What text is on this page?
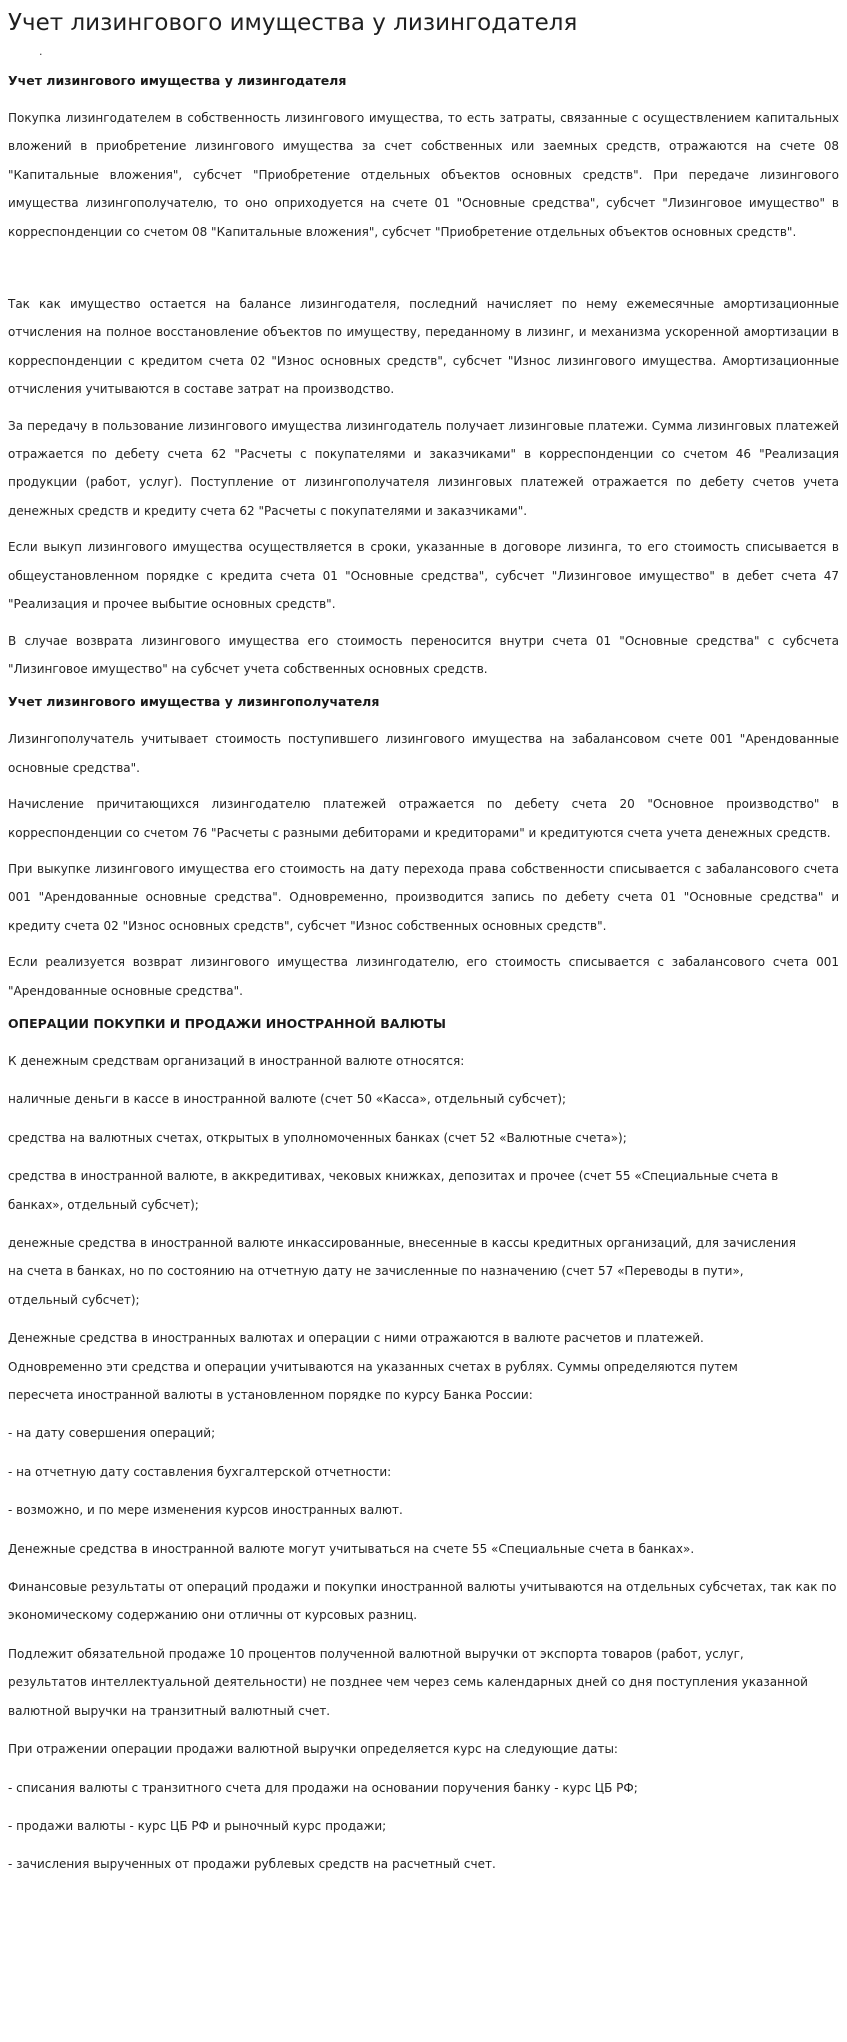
Учет лизингового имущества у лизингодателя
.
Учет лизингового имущества у лизингодателя

Покупка лизингодателем в собственность лизингового имущества, то есть затраты, связанные с осуществлением капитальных вложений в приобретение лизингового имущества за счет собственных или заемных средств, отражаются на счете 08 "Капитальные вложения", субсчет "Приобретение отдельных объектов основных средств". При передаче лизингового имущества лизингополучателю, то оно оприходуется на счете 01 "Основные средства", субсчет "Лизинговое имущество" в корреспонденции со счетом 08 "Капитальные вложения", субсчет "Приобретение отдельных объектов основных средств".

Так как имущество остается на балансе лизингодателя, последний начисляет по нему ежемесячные амортизационные отчисления на полное восстановление объектов по имуществу, переданному в лизинг, и механизма ускоренной амортизации в корреспонденции с кредитом счета 02 "Износ основных средств", субсчет "Износ лизингового имущества. Амортизационные отчисления учитываются в составе затрат на производство.

За передачу в пользование лизингового имущества лизингодатель получает лизинговые платежи. Сумма лизинговых платежей отражается по дебету счета 62 "Расчеты с покупателями и заказчиками" в корреспонденции со счетом 46 "Реализация продукции (работ, услуг). Поступление от лизингополучателя лизинговых платежей отражается по дебету счетов учета денежных средств и кредиту счета 62 "Расчеты с покупателями и заказчиками".

Если выкуп лизингового имущества осуществляется в сроки, указанные в договоре лизинга, то его стоимость списывается в общеустановленном порядке с кредита счета 01 "Основные средства", субсчет "Лизинговое имущество" в дебет счета 47 "Реализация и прочее выбытие основных средств".

В случае возврата лизингового имущества его стоимость переносится внутри счета 01 "Основные средства" с субсчета "Лизинговое имущество" на субсчет учета собственных основных средств.

Учет лизингового имущества у лизингополучателя

Лизингополучатель учитывает стоимость поступившего лизингового имущества на забалансовом счете 001 "Арендованные основные средства".

Начисление причитающихся лизингодателю платежей отражается по дебету счета 20 "Основное производство" в корреспонденции со счетом 76 "Расчеты с разными дебиторами и кредиторами" и кредитуются счета учета денежных средств.

При выкупке лизингового имущества его стоимость на дату перехода права собственности списывается с забалансового счета 001 "Арендованные основные средства". Одновременно, производится запись по дебету счета 01 "Основные средства" и кредиту счета 02 "Износ основных средств", субсчет "Износ собственных основных средств".

Если реализуется возврат лизингового имущества лизингодателю, его стоимость списывается с забалансового счета 001 "Арендованные основные средства".

ОПЕРАЦИИ ПОКУПКИ И ПРОДАЖИ ИНОСТРАННОЙ ВАЛЮТЫ

К денежным средствам организаций в иностранной валюте относятся:

наличные деньги в кассе в иностранной валюте (счет 50 «Касса», отдельный субсчет);

средства на валютных счетах, открытых в уполномоченных банках (счет 52 «Валютные счета»);

средства в иностранной валюте, в аккредитивах, чековых книжках, депозитах и прочее (счет 55 «Специальные счета в банках», отдельный субсчет);

денежные средства в иностранной валюте инкассированные, внесенные в кассы кредитных организаций, для зачисления на счета в банках, но по состоянию на отчетную дату не зачисленные по назначению (счет 57 «Переводы в пути», отдельный субсчет);

Денежные средства в иностранных валютах и операции с ними отражаются в валюте расчетов и платежей. Одновременно эти средства и операции учитываются на указанных счетах в рублях. Суммы определяются путем пересчета иностранной валюты в установленном порядке по курсу Банка России:

- на дату совершения операций;

- на отчетную дату составления бухгалтерской отчетности:

- возможно, и по мере изменения курсов иностранных валют.

Денежные средства в иностранной валюте могут учитываться на счете 55 «Специальные счета в банках».

Финансовые результаты от операций продажи и покупки иностранной валюты учитываются на отдельных субсчетах, так как по экономическому содержанию они отличны от курсовых разниц.

Подлежит обязательной продаже 10 процентов полученной валютной выручки от экспорта товаров (работ, услуг, результатов интеллектуальной деятельности) не позднее чем через семь календарных дней со дня поступления указанной валютной выручки на транзитный валютный счет.

При отражении операции продажи валютной выручки определяется курс на следующие даты:

- списания валюты с транзитного счета для продажи на основании поручения банку - курс ЦБ РФ;

- продажи валюты - курс ЦБ РФ и рыночный курс продажи;

- зачисления вырученных от продажи рублевых средств на расчетный счет.
